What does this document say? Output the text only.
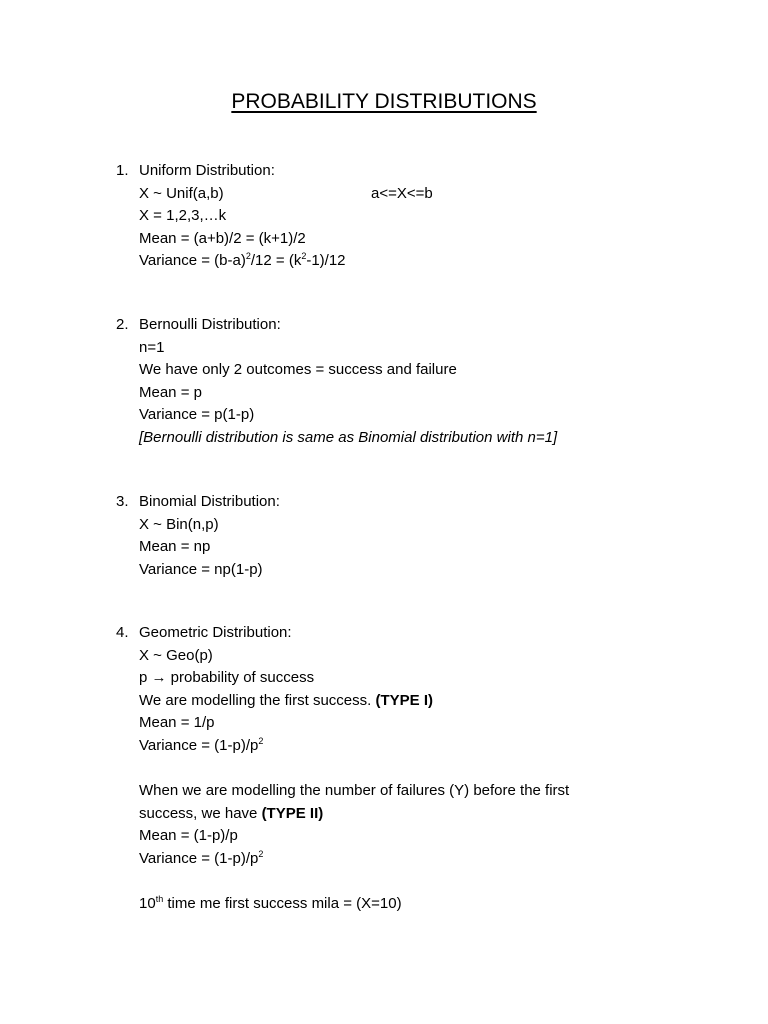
PROBABILITY DISTRIBUTIONS
1. Uniform Distribution:
X ~ Unif(a,b)	a<=X<=b
X = 1,2,3,…k
Mean = (a+b)/2 = (k+1)/2
Variance = $(b-a)^2/12 = (k^2-1)/12$
2. Bernoulli Distribution:
n=1
We have only 2 outcomes = success and failure
Mean = p
Variance = p(1-p)
[Bernoulli distribution is same as Binomial distribution with n=1]
3. Binomial Distribution:
X ~ Bin(n,p)
Mean = np
Variance = np(1-p)
4. Geometric Distribution:
X ~ Geo(p)
p → probability of success
We are modelling the first success. (TYPE I)
Mean = 1/p
Variance = $(1-p)/p^2$
When we are modelling the number of failures (Y) before the first
success, we have (TYPE II)
Mean = (1-p)/p
Variance = $(1-p)/p^2$
10th time me first success mila = (X=10)
